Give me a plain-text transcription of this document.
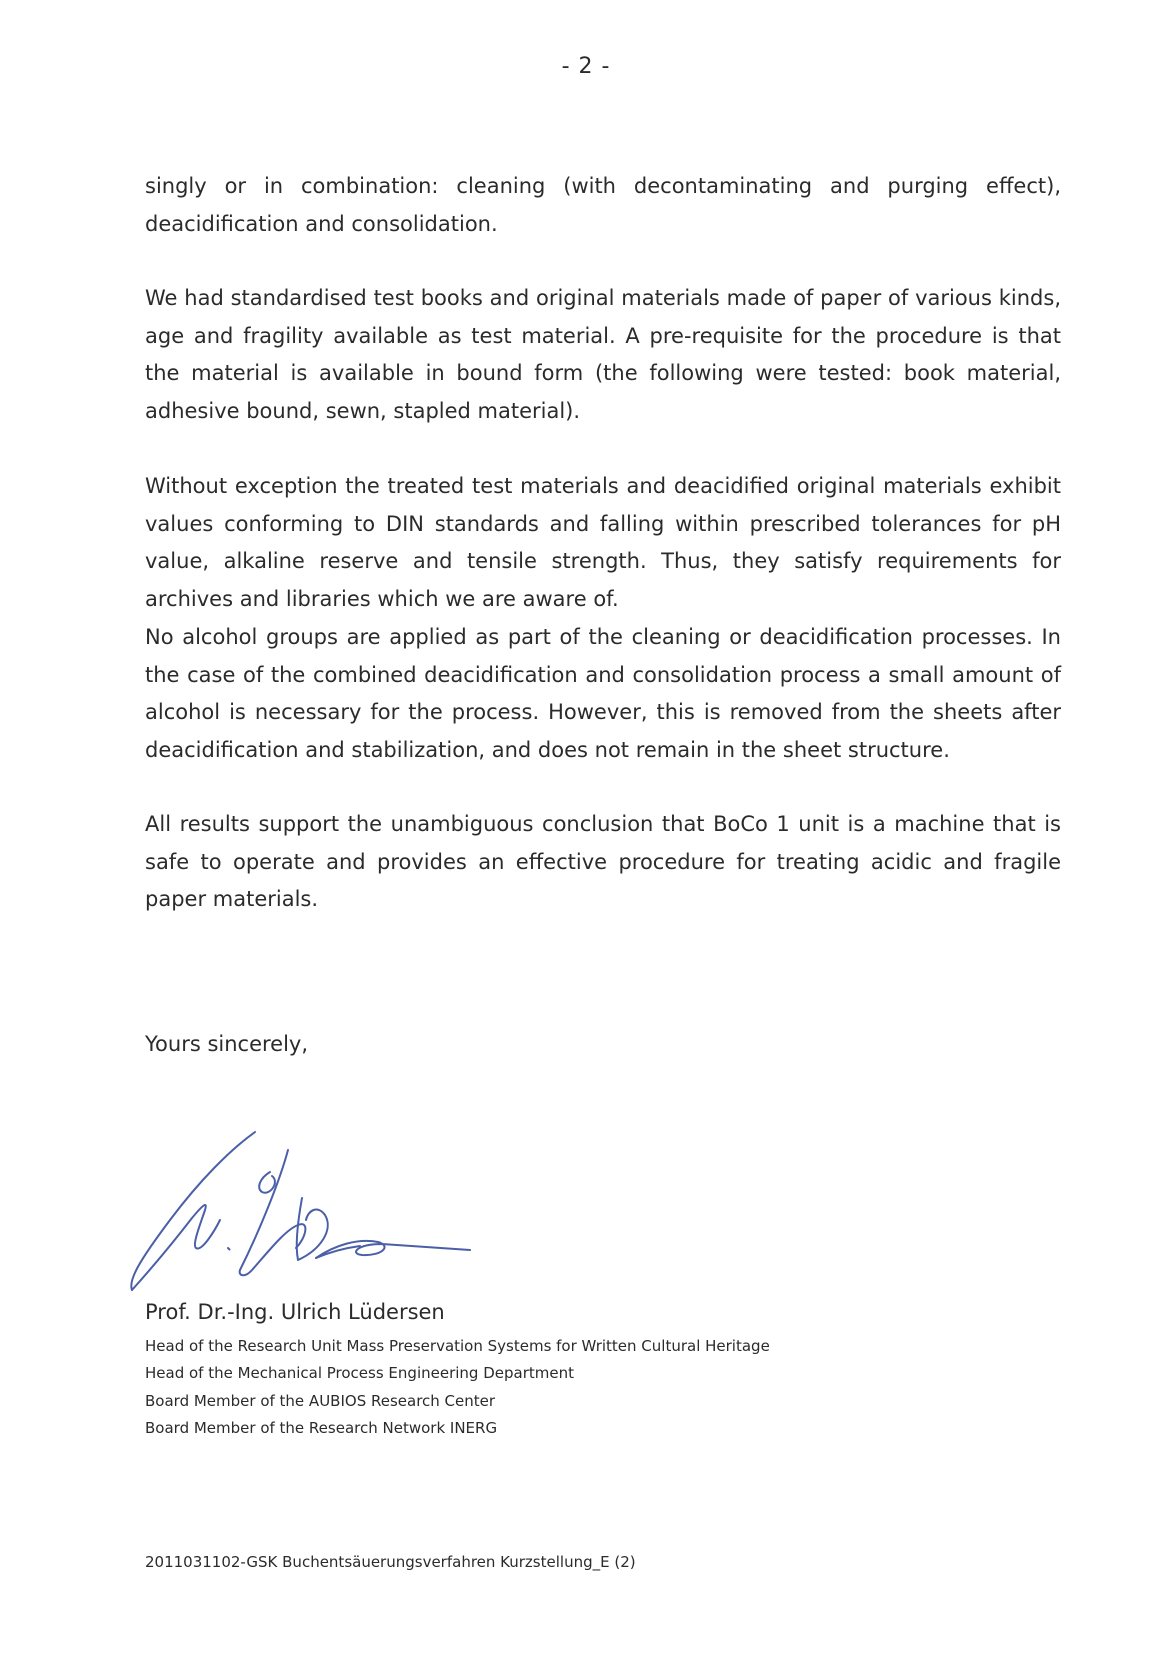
- 2 -

singly or in combination: cleaning (with decontaminating and purging effect), deacidification and consolidation.

We had standardised test books and original materials made of paper of various kinds, age and fragility available as test material. A pre-requisite for the procedure is that the material is available in bound form (the following were tested: book material, adhesive bound, sewn, stapled material).

Without exception the treated test materials and deacidified original materials exhibit values conforming to DIN standards and falling within prescribed tolerances for pH value, alkaline reserve and tensile strength. Thus, they satisfy requirements for archives and libraries which we are aware of.

No alcohol groups are applied as part of the cleaning or deacidification processes. In the case of the combined deacidification and consolidation process a small amount of alcohol is necessary for the process. However, this is removed from the sheets after deacidification and stabilization, and does not remain in the sheet structure.

All results support the unambiguous conclusion that BoCo 1 unit is a machine that is safe to operate and provides an effective procedure for treating acidic and fragile paper materials.

Yours sincerely,
Prof. Dr.-Ing. Ulrich Lüdersen
Head of the Research Unit Mass Preservation Systems for Written Cultural Heritage
Head of the Mechanical Process Engineering Department
Board Member of the AUBIOS Research Center
Board Member of the Research Network INERG
2011031102-GSK Buchentsäuerungsverfahren Kurzstellung_E (2)
